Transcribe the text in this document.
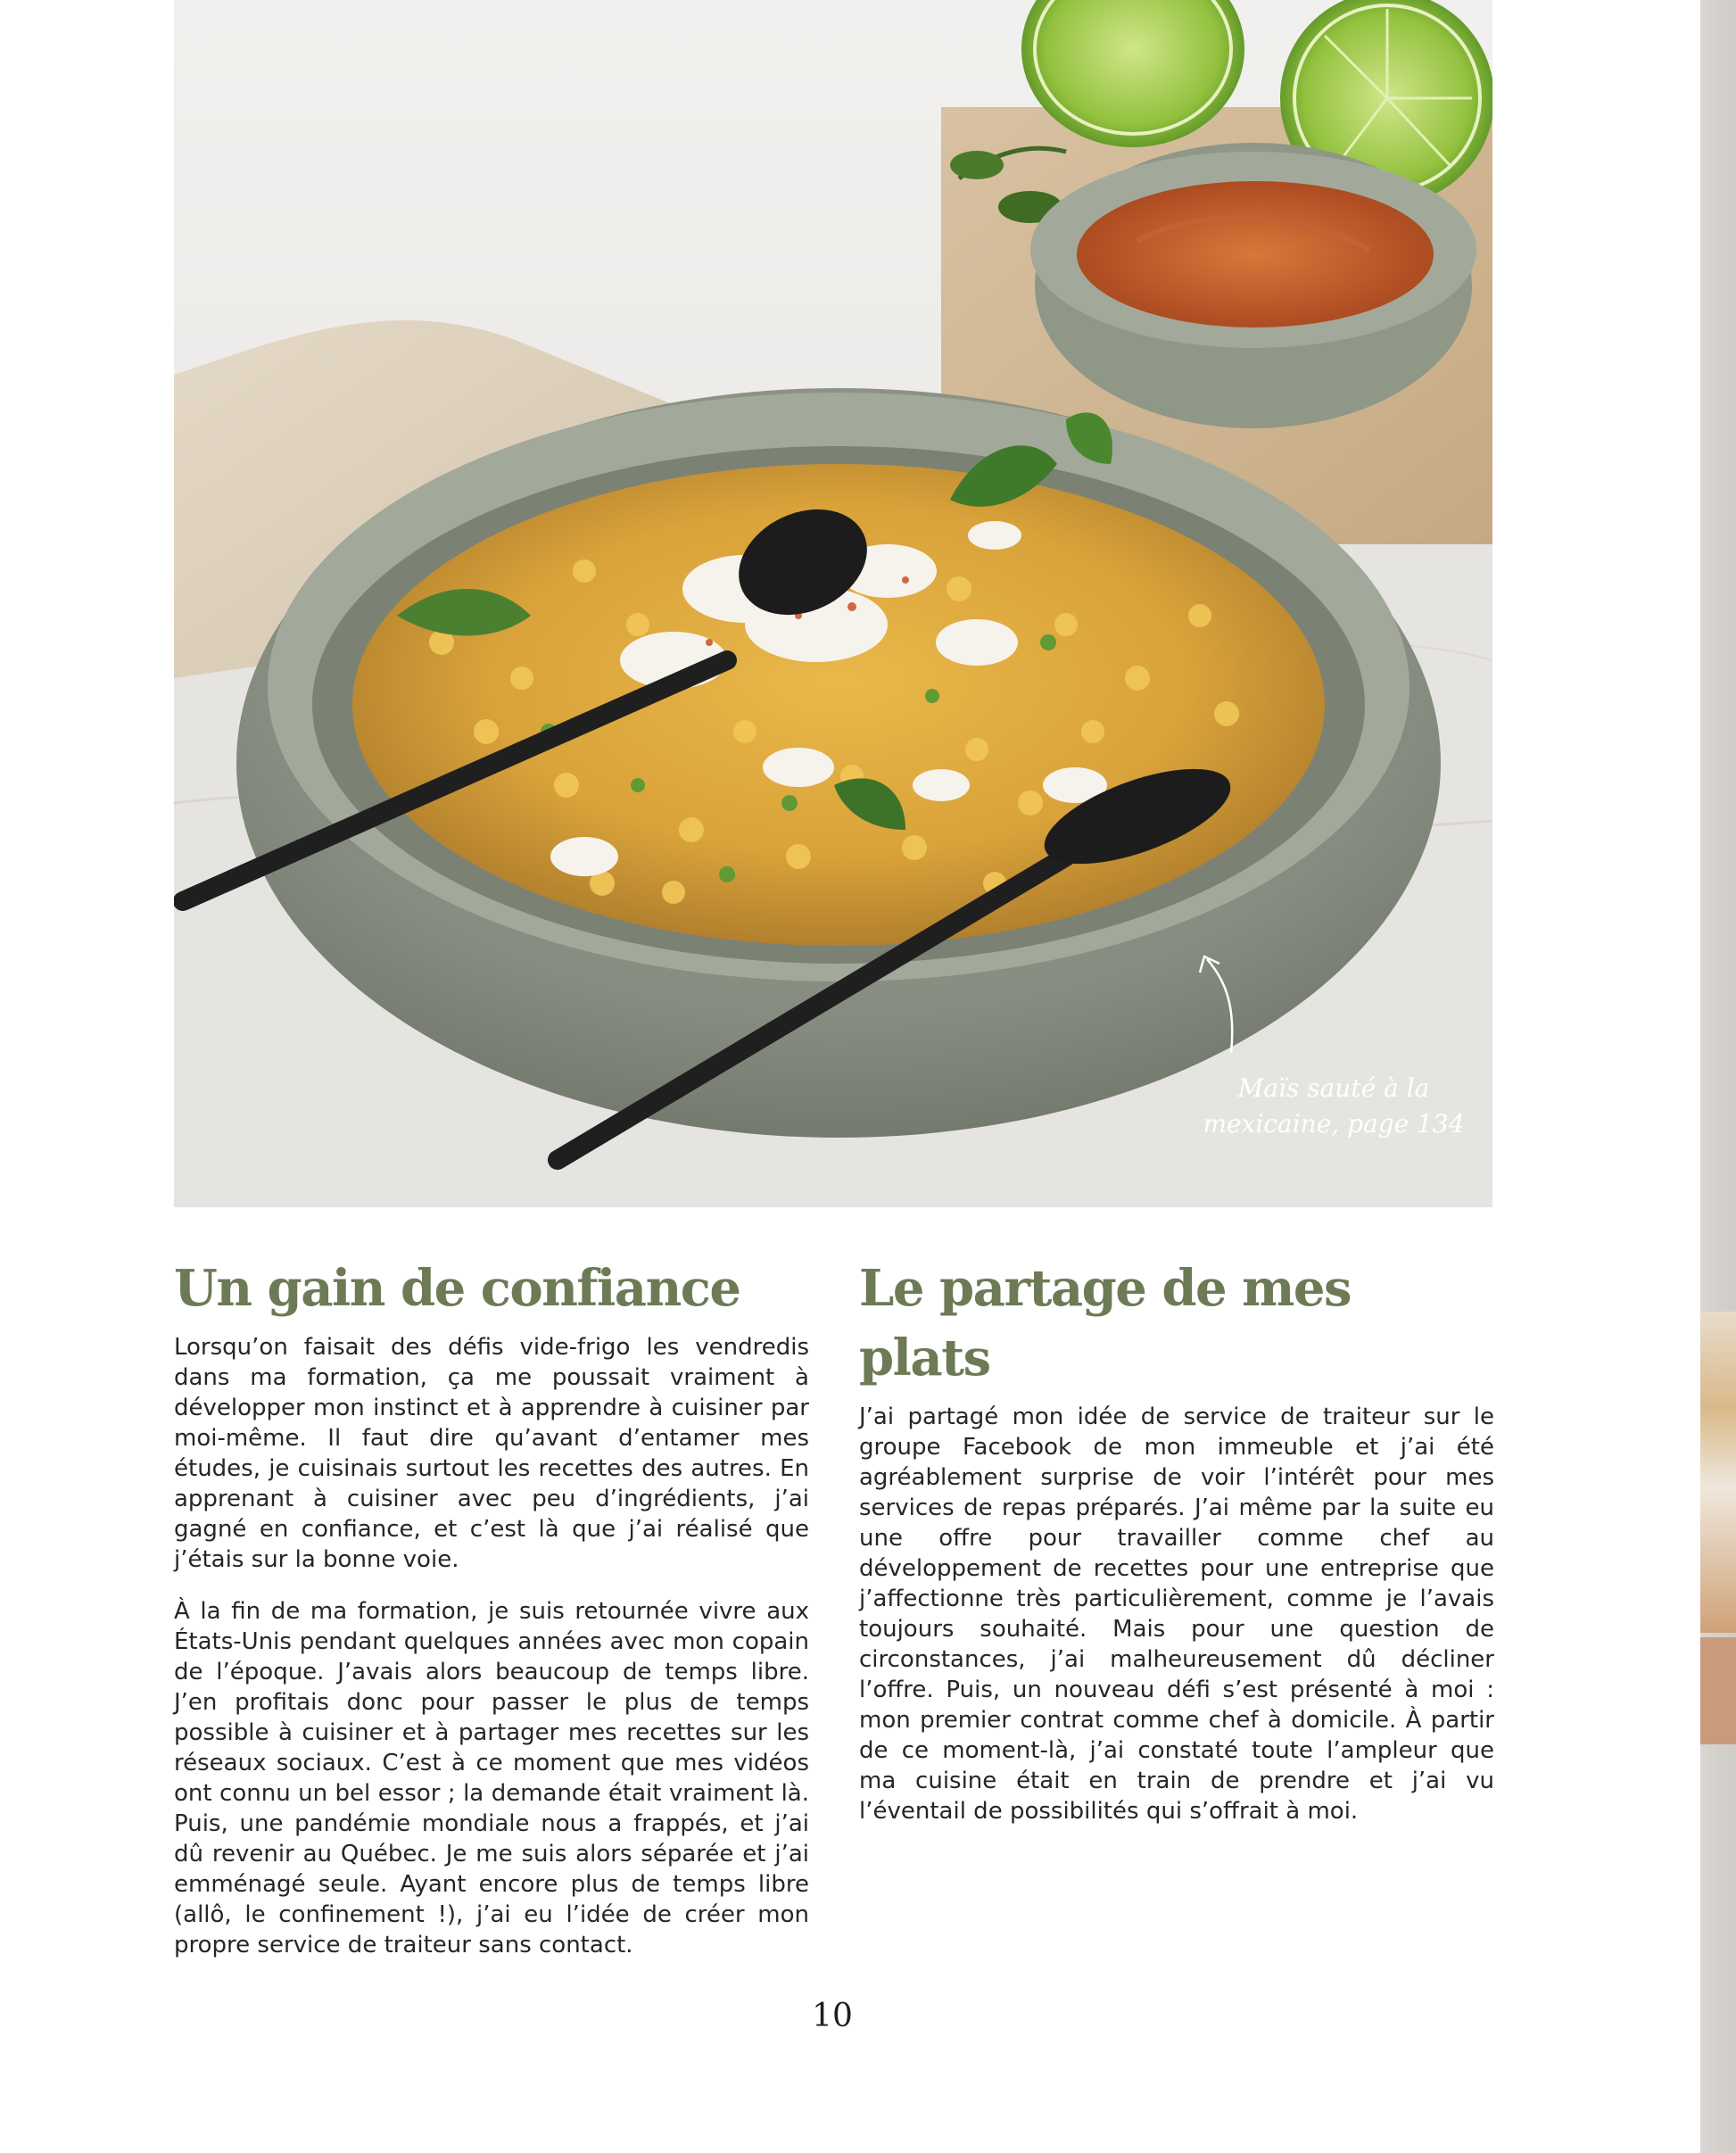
Maïs sauté à la
mexicaine, page 134
Un gain de confiance

Lorsqu’on faisait des défis vide-frigo les vendredis dans ma formation, ça me poussait vraiment à développer mon instinct et à apprendre à cuisiner par moi-même. Il faut dire qu’avant d’entamer mes études, je cuisinais surtout les recettes des autres. En apprenant à cuisiner avec peu d’ingrédients, j’ai gagné en confiance, et c’est là que j’ai réalisé que j’étais sur la bonne voie.

À la fin de ma formation, je suis retournée vivre aux États-Unis pendant quelques années avec mon copain de l’époque. J’avais alors beaucoup de temps libre. J’en profitais donc pour passer le plus de temps possible à cuisiner et à partager mes recettes sur les réseaux sociaux. C’est à ce moment que mes vidéos ont connu un bel essor ; la demande était vraiment là. Puis, une pandémie mondiale nous a frappés, et j’ai dû revenir au Québec. Je me suis alors séparée et j’ai emménagé seule. Ayant encore plus de temps libre (allô, le confinement !), j’ai eu l’idée de créer mon propre service de traiteur sans contact.

Le partage de mes plats

J’ai partagé mon idée de service de traiteur sur le groupe Facebook de mon immeuble et j’ai été agréablement surprise de voir l’intérêt pour mes services de repas préparés. J’ai même par la suite eu une offre pour travailler comme chef au développement de recettes pour une entreprise que j’affectionne très particulièrement, comme je l’avais toujours souhaité. Mais pour une question de circonstances, j’ai malheureusement dû décliner l’offre. Puis, un nouveau défi s’est présenté à moi : mon premier contrat comme chef à domicile. À partir de ce moment-là, j’ai constaté toute l’ampleur que ma cuisine était en train de prendre et j’ai vu l’éventail de possibilités qui s’offrait à moi.

10
